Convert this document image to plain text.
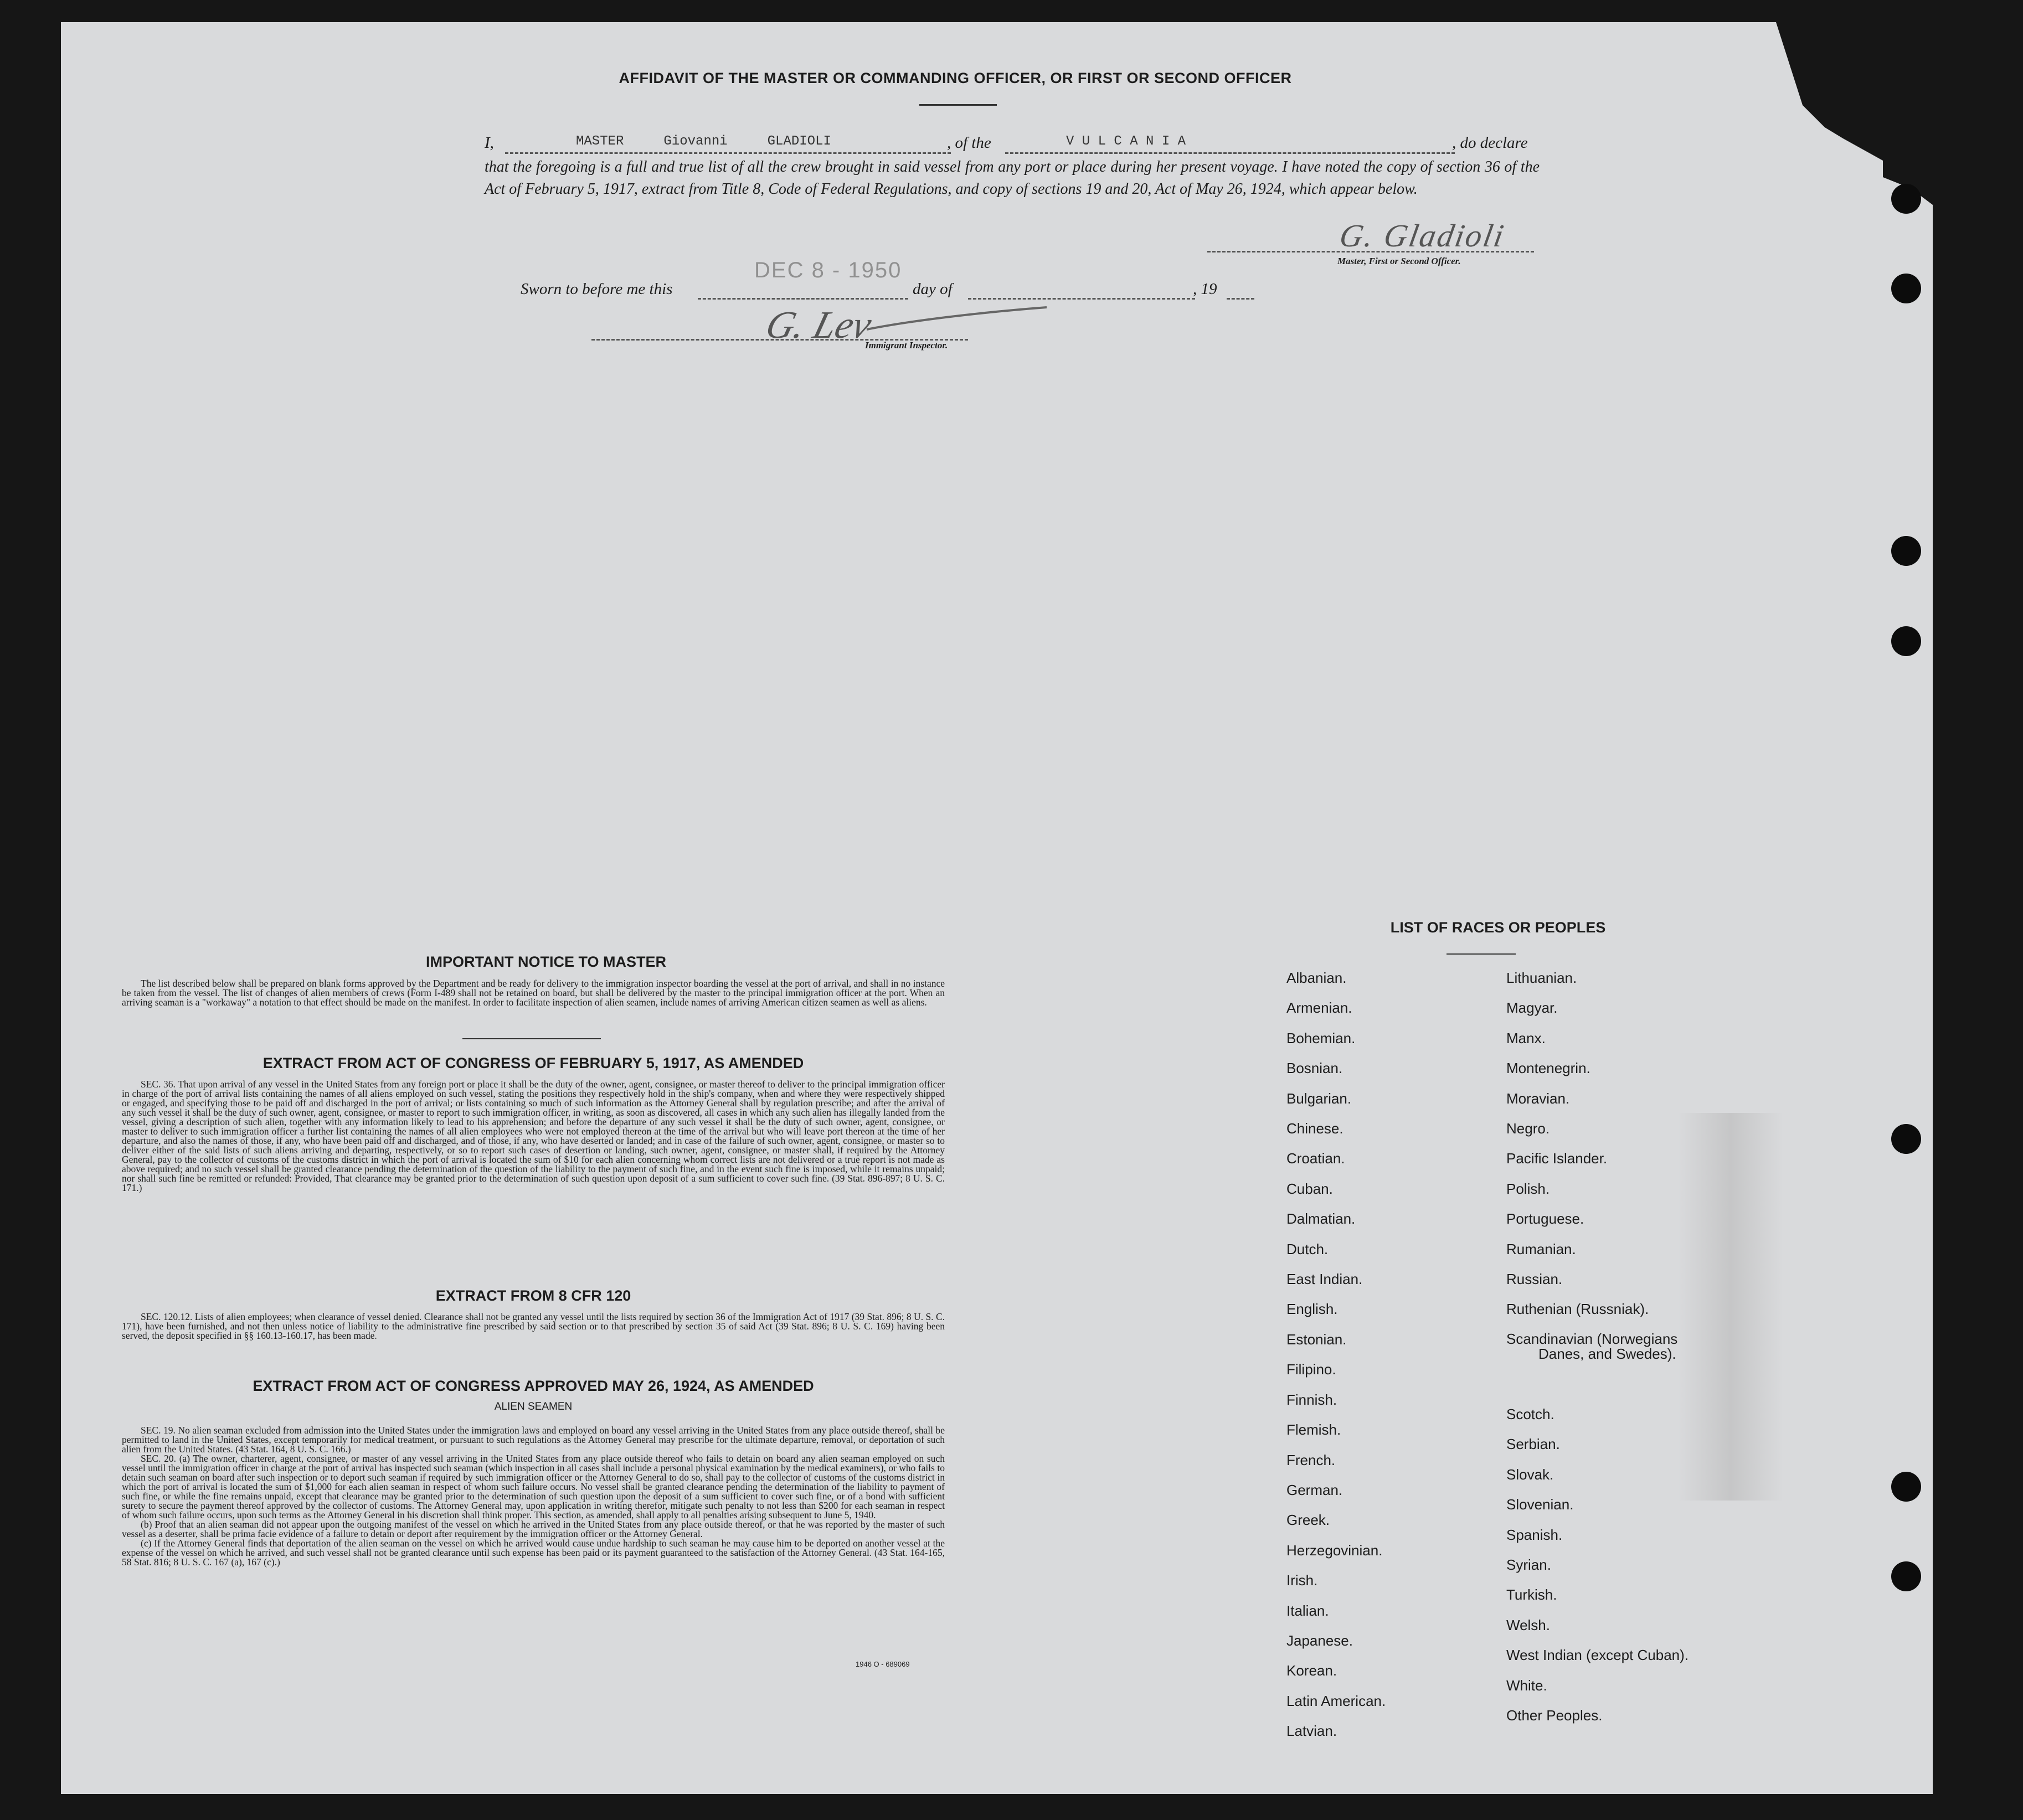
AFFIDAVIT OF THE MASTER OR COMMANDING OFFICER, OR FIRST OR SECOND OFFICER
I,	MASTER     Giovanni     GLADIOLI	, of the	V U L C A N I A	, do declare
that the foregoing is a full and true list of all the crew brought in said vessel from any port or place during her present voyage. I have noted the copy of section 36 of the Act of February 5, 1917, extract from Title 8, Code of Federal Regulations, and copy of sections 19 and 20, Act of May 26, 1924, which appear below.
G. Gladioli
Master, First or Second Officer.
Sworn to before me this
DEC 8 - 1950
day of	, 19
G. Lev
Immigrant Inspector.
IMPORTANT NOTICE TO MASTER

The list described below shall be prepared on blank forms approved by the Department and be ready for delivery to the immigration inspector boarding the vessel at the port of arrival, and shall in no instance be taken from the vessel. The list of changes of alien members of crews (Form I-489 shall not be retained on board, but shall be delivered by the master to the principal immigration officer at the port. When an arriving seaman is a "workaway" a notation to that effect should be made on the manifest. In order to facilitate inspection of alien seamen, include names of arriving American citizen seamen as well as aliens.

EXTRACT FROM ACT OF CONGRESS OF FEBRUARY 5, 1917, AS AMENDED

SEC. 36. That upon arrival of any vessel in the United States from any foreign port or place it shall be the duty of the owner, agent, consignee, or master thereof to deliver to the principal immigration officer in charge of the port of arrival lists containing the names of all aliens employed on such vessel, stating the positions they respectively hold in the ship's company, when and where they were respectively shipped or engaged, and specifying those to be paid off and discharged in the port of arrival; or lists containing so much of such information as the Attorney General shall by regulation prescribe; and after the arrival of any such vessel it shall be the duty of such owner, agent, consignee, or master to report to such immigration officer, in writing, as soon as discovered, all cases in which any such alien has illegally landed from the vessel, giving a description of such alien, together with any information likely to lead to his apprehension; and before the departure of any such vessel it shall be the duty of such owner, agent, consignee, or master to deliver to such immigration officer a further list containing the names of all alien employees who were not employed thereon at the time of the arrival but who will leave port thereon at the time of her departure, and also the names of those, if any, who have been paid off and discharged, and of those, if any, who have deserted or landed; and in case of the failure of such owner, agent, consignee, or master so to deliver either of the said lists of such aliens arriving and departing, respectively, or so to report such cases of desertion or landing, such owner, agent, consignee, or master shall, if required by the Attorney General, pay to the collector of customs of the customs district in which the port of arrival is located the sum of $10 for each alien concerning whom correct lists are not delivered or a true report is not made as above required; and no such vessel shall be granted clearance pending the determination of the question of the liability to the payment of such fine, and in the event such fine is imposed, while it remains unpaid; nor shall such fine be remitted or refunded: Provided, That clearance may be granted prior to the determination of such question upon deposit of a sum sufficient to cover such fine. (39 Stat. 896-897; 8 U. S. C. 171.)

EXTRACT FROM 8 CFR 120

SEC. 120.12. Lists of alien employees; when clearance of vessel denied. Clearance shall not be granted any vessel until the lists required by section 36 of the Immigration Act of 1917 (39 Stat. 896; 8 U. S. C. 171), have been furnished, and not then unless notice of liability to the administrative fine prescribed by said section or to that prescribed by section 35 of said Act (39 Stat. 896; 8 U. S. C. 169) having been served, the deposit specified in §§ 160.13-160.17, has been made.

EXTRACT FROM ACT OF CONGRESS APPROVED MAY 26, 1924, AS AMENDED
ALIEN SEAMEN

SEC. 19. No alien seaman excluded from admission into the United States under the immigration laws and employed on board any vessel arriving in the United States from any place outside thereof, shall be permitted to land in the United States, except temporarily for medical treatment, or pursuant to such regulations as the Attorney General may prescribe for the ultimate departure, removal, or deportation of such alien from the United States. (43 Stat. 164, 8 U. S. C. 166.)

SEC. 20. (a) The owner, charterer, agent, consignee, or master of any vessel arriving in the United States from any place outside thereof who fails to detain on board any alien seaman employed on such vessel until the immigration officer in charge at the port of arrival has inspected such seaman (which inspection in all cases shall include a personal physical examination by the medical examiners), or who fails to detain such seaman on board after such inspection or to deport such seaman if required by such immigration officer or the Attorney General to do so, shall pay to the collector of customs of the customs district in which the port of arrival is located the sum of $1,000 for each alien seaman in respect of whom such failure occurs. No vessel shall be granted clearance pending the determination of the liability to payment of such fine, or while the fine remains unpaid, except that clearance may be granted prior to the determination of such question upon the deposit of a sum sufficient to cover such fine, or of a bond with sufficient surety to secure the payment thereof approved by the collector of customs. The Attorney General may, upon application in writing therefor, mitigate such penalty to not less than $200 for each seaman in respect of whom such failure occurs, upon such terms as the Attorney General in his discretion shall think proper. This section, as amended, shall apply to all penalties arising subsequent to June 5, 1940.

(b) Proof that an alien seaman did not appear upon the outgoing manifest of the vessel on which he arrived in the United States from any place outside thereof, or that he was reported by the master of such vessel as a deserter, shall be prima facie evidence of a failure to detain or deport after requirement by the immigration officer or the Attorney General.

(c) If the Attorney General finds that deportation of the alien seaman on the vessel on which he arrived would cause undue hardship to such seaman he may cause him to be deported on another vessel at the expense of the vessel on which he arrived, and such vessel shall not be granted clearance until such expense has been paid or its payment guaranteed to the satisfaction of the Attorney General. (43 Stat. 164-165, 58 Stat. 816; 8 U. S. C. 167 (a), 167 (c).)

1946 O - 689069
LIST OF RACES OR PEOPLES
Albanian.
Armenian.
Bohemian.
Bosnian.
Bulgarian.
Chinese.
Croatian.
Cuban.
Dalmatian.
Dutch.
East Indian.
English.
Estonian.
Filipino.
Finnish.
Flemish.
French.
German.
Greek.
Herzegovinian.
Irish.
Italian.
Japanese.
Korean.
Latin American.
Latvian.
Lithuanian.
Magyar.
Manx.
Montenegrin.
Moravian.
Negro.
Pacific Islander.
Polish.
Portuguese.
Rumanian.
Russian.
Ruthenian (Russniak).
Scandinavian (Norwegians
Danes, and Swedes).
Scotch.
Serbian.
Slovak.
Slovenian.
Spanish.
Syrian.
Turkish.
Welsh.
West Indian (except Cuban).
White.
Other Peoples.
